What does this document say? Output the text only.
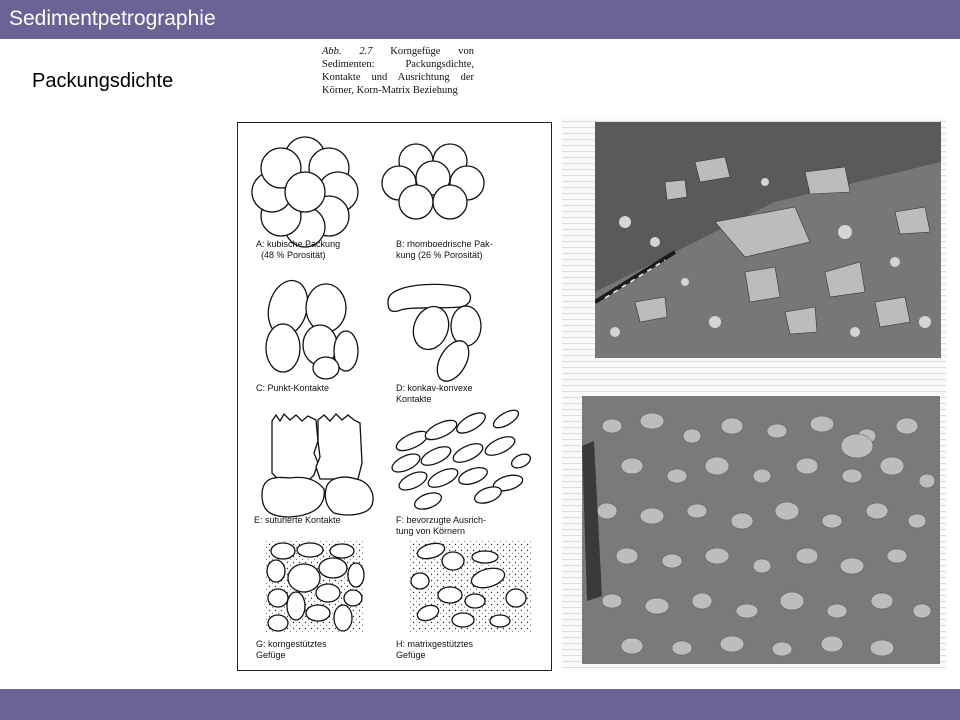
Sedimentpetrographie
Packungsdichte
Abb. 2.7 Korngefüge von Sedimenten: Packungsdichte, Kontakte und Ausrichtung der Körner, Korn-Matrix Beziehung
A: kubische Packung
(48 % Porosität)
B: rhomboedrische Pak-
kung (26 % Porosität)
C: Punkt-Kontakte	D: konkav-konvexe
Kontakte
E: suturierte Kontakte	F: bevorzugte Ausrich-
tung von Körnern
G: korngestütztes
Gefüge
H: matrixgestütztes
Gefüge
